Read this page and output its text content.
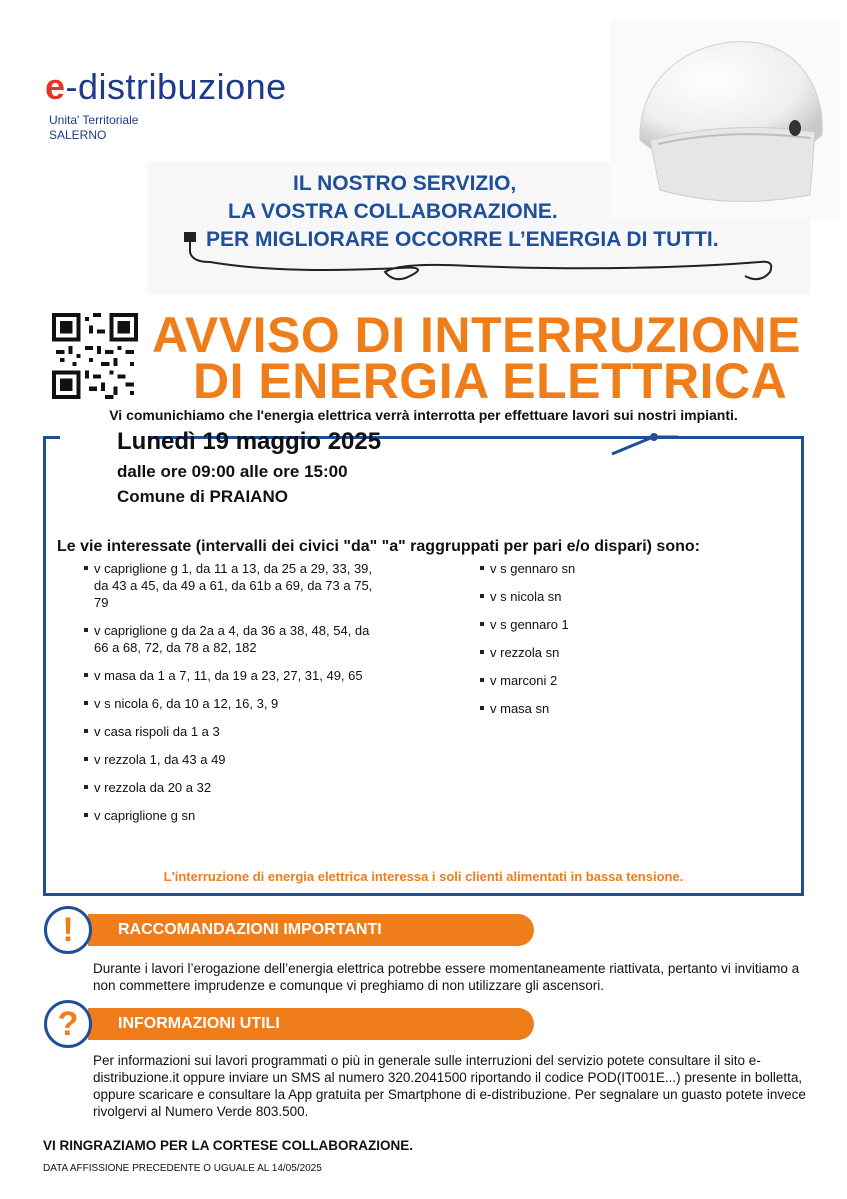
e-distribuzione
Unita' Territoriale
SALERNO
IL NOSTRO SERVIZIO,
LA VOSTRA COLLABORAZIONE.
PER MIGLIORARE OCCORRE L’ENERGIA DI TUTTI.
AVVISO DI INTERRUZIONE
DI ENERGIA ELETTRICA
Vi comunichiamo che l'energia elettrica verrà interrotta per effettuare lavori sui nostri impianti.
Lunedì 19 maggio 2025
dalle ore 09:00 alle ore 15:00
Comune di PRAIANO
Le vie interessate (intervalli dei civici "da" "a" raggruppati per pari e/o dispari) sono:
v capriglione g 1, da 11 a 13, da 25 a 29, 33, 39, da 43 a 45, da 49 a 61, da 61b a 69, da 73 a 75, 79
v capriglione g da 2a a 4, da 36 a 38, 48, 54, da 66 a 68, 72, da 78 a 82, 182
v masa da 1 a 7, 11, da 19 a 23, 27, 31, 49, 65
v s nicola 6, da 10 a 12, 16, 3, 9
v casa rispoli da 1 a 3
v rezzola 1, da 43 a 49
v rezzola da 20 a 32
v capriglione g sn
v s gennaro sn
v s nicola sn
v s gennaro 1
v rezzola sn
v marconi 2
v masa sn
L'interruzione di energia elettrica interessa i soli clienti alimentati in bassa tensione.
!	RACCOMANDAZIONI IMPORTANTI
Durante i lavori l’erogazione dell’energia elettrica potrebbe essere momentaneamente riattivata, pertanto vi invitiamo a non commettere imprudenze e comunque vi preghiamo di non utilizzare gli ascensori.
?	INFORMAZIONI UTILI
Per informazioni sui lavori programmati o più in generale sulle interruzioni del servizio potete consultare il sito e-distribuzione.it oppure inviare un SMS al numero 320.2041500 riportando il codice POD(IT001E...) presente in bolletta, oppure scaricare e consultare la App gratuita per Smartphone di e-distribuzione. Per segnalare un guasto potete invece rivolgervi al Numero Verde 803.500.
VI RINGRAZIAMO PER LA CORTESE COLLABORAZIONE.
DATA AFFISSIONE PRECEDENTE O UGUALE AL 14/05/2025
